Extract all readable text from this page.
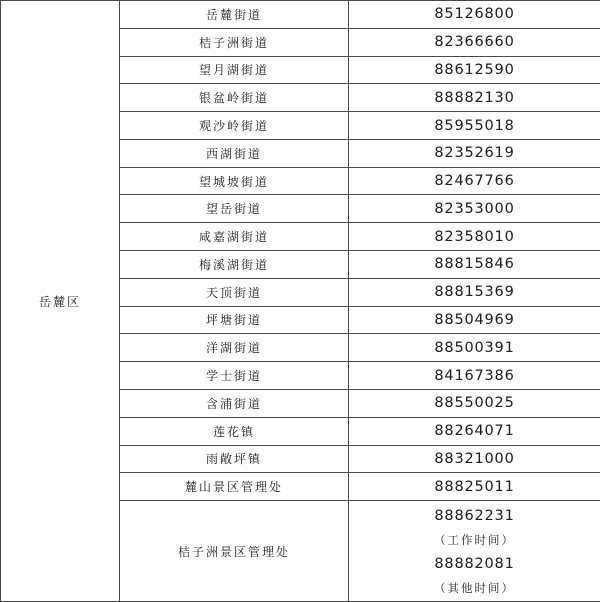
岳麓区	岳麓街道	85126800
	桔子洲街道	82366660
	望月湖街道	88612590
	银盆岭街道	88882130
	观沙岭街道	85955018
	西湖街道	82352619
	望城坡街道	82467766
	望岳街道	82353000
	咸嘉湖街道	82358010
	梅溪湖街道	88815846
	天顶街道	88815369
	坪塘街道	88504969
	洋湖街道	88500391
	学士街道	84167386
	含浦街道	88550025
	莲花镇	88264071
	雨敞坪镇	88321000
	麓山景区管理处	88825011
	桔子洲景区管理处	88862231
（工作时间）
88882081
（其他时间）
